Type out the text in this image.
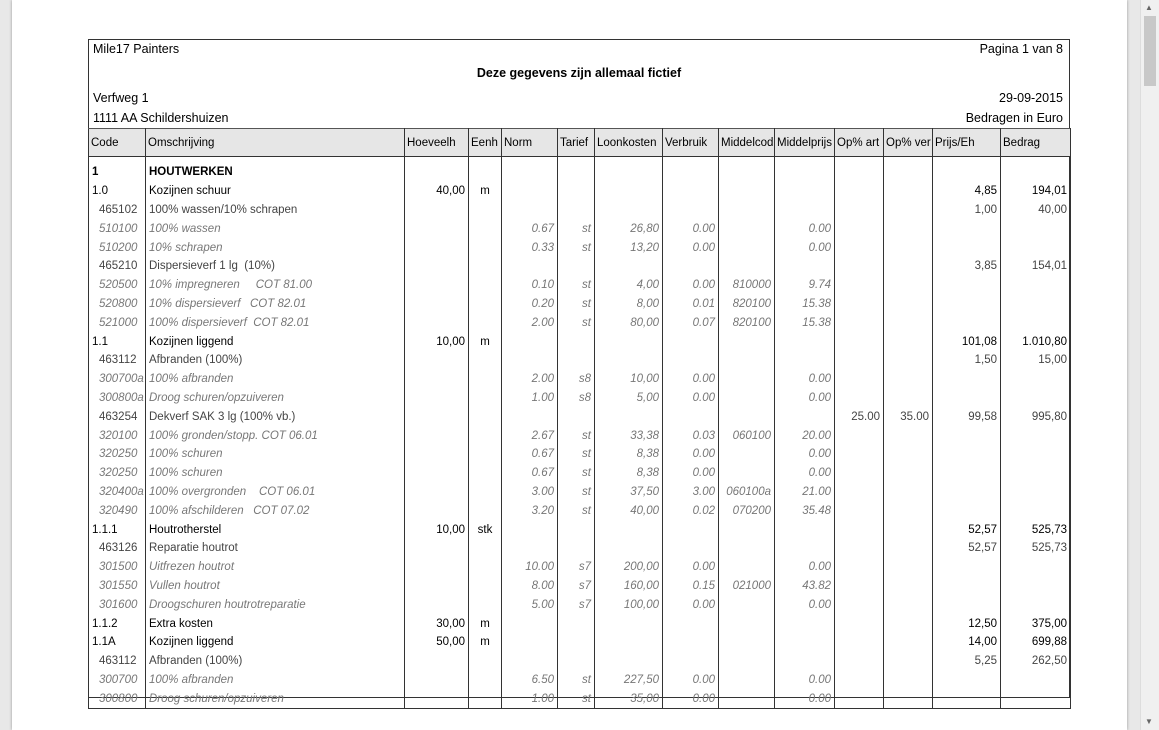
Mile17 Painters	Pagina 1 van 8
Deze gegevens zijn allemaal fictief
Verfweg 1	29-09-2015
1111 AA Schildershuizen	Bedragen in Euro
Code	Omschrijving	Hoeveelh	Eenh	Norm	Tarief	Loonkosten	Verbruik	Middelcod	Middelprijs	Op% art	Op% ver	Prijs/Eh	Bedrag
1	HOUTWERKEN												
1.0	Kozijnen schuur	40,00	m									4,85	194,01
465102	100% wassen/10% schrapen											1,00	40,00
510100	100% wassen			0.67	st	26,80	0.00		0.00				
510200	10% schrapen			0.33	st	13,20	0.00		0.00				
465210	Dispersieverf 1 lg  (10%)											3,85	154,01
520500	10% impregneren     COT 81.00			0.10	st	4,00	0.00	810000	9.74				
520800	10% dispersieverf   COT 82.01			0.20	st	8,00	0.01	820100	15.38				
521000	100% dispersieverf  COT 82.01			2.00	st	80,00	0.07	820100	15.38				
1.1	Kozijnen liggend	10,00	m									101,08	1.010,80
463112	Afbranden (100%)											1,50	15,00
300700a	100% afbranden			2.00	s8	10,00	0.00		0.00				
300800a	Droog schuren/opzuiveren			1.00	s8	5,00	0.00		0.00				
463254	Dekverf SAK 3 lg (100% vb.)									25.00	35.00	99,58	995,80
320100	100% gronden/stopp. COT 06.01			2.67	st	33,38	0.03	060100	20.00				
320250	100% schuren			0.67	st	8,38	0.00		0.00				
320250	100% schuren			0.67	st	8,38	0.00		0.00				
320400a	100% overgronden    COT 06.01			3.00	st	37,50	3.00	060100a	21.00				
320490	100% afschilderen   COT 07.02			3.20	st	40,00	0.02	070200	35.48				
1.1.1	Houtrotherstel	10,00	stk									52,57	525,73
463126	Reparatie houtrot											52,57	525,73
301500	Uitfrezen houtrot			10.00	s7	200,00	0.00		0.00				
301550	Vullen houtrot			8.00	s7	160,00	0.15	021000	43.82				
301600	Droogschuren houtrotreparatie			5.00	s7	100,00	0.00		0.00				
1.1.2	Extra kosten	30,00	m									12,50	375,00
1.1A	Kozijnen liggend	50,00	m									14,00	699,88
463112	Afbranden (100%)											5,25	262,50
300700	100% afbranden			6.50	st	227,50	0.00		0.00				
300800	Droog schuren/opzuiveren			1.00	st	35,00	0.00		0.00				
▲
▼
